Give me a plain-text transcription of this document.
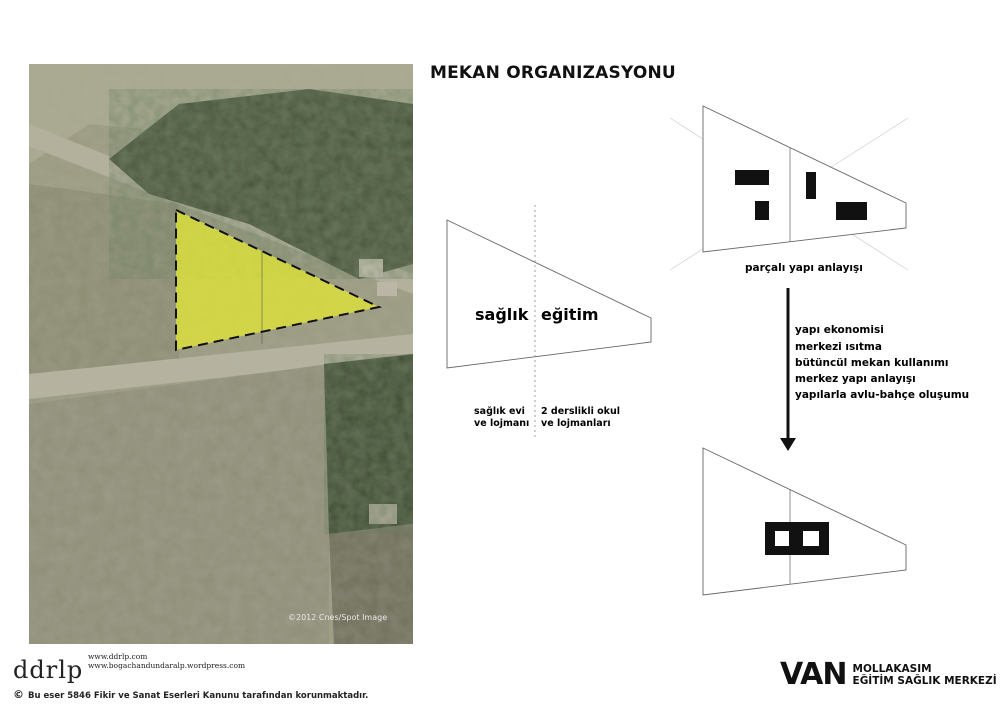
©2012 Cnes/Spot Image
MEKAN ORGANIZASYONU
sağlık eğitim
sağlık evi
ve lojmanı
2 derslikli okul
ve lojmanları
parçalı yapı anlayışı
yapı ekonomisi
merkezi ısıtma
bütüncül mekan kullanımı
merkez yapı anlayışı
yapılarla avlu-bahçe oluşumu
ddrlp www.ddrlp.com
www.bogachandundaralp.wordpress.com
© Bu eser 5846 Fikir ve Sanat Eserleri Kanunu tarafından korunmaktadır.
VAN MOLLAKASIM
EĞİTİM SAĞLIK MERKEZİ
